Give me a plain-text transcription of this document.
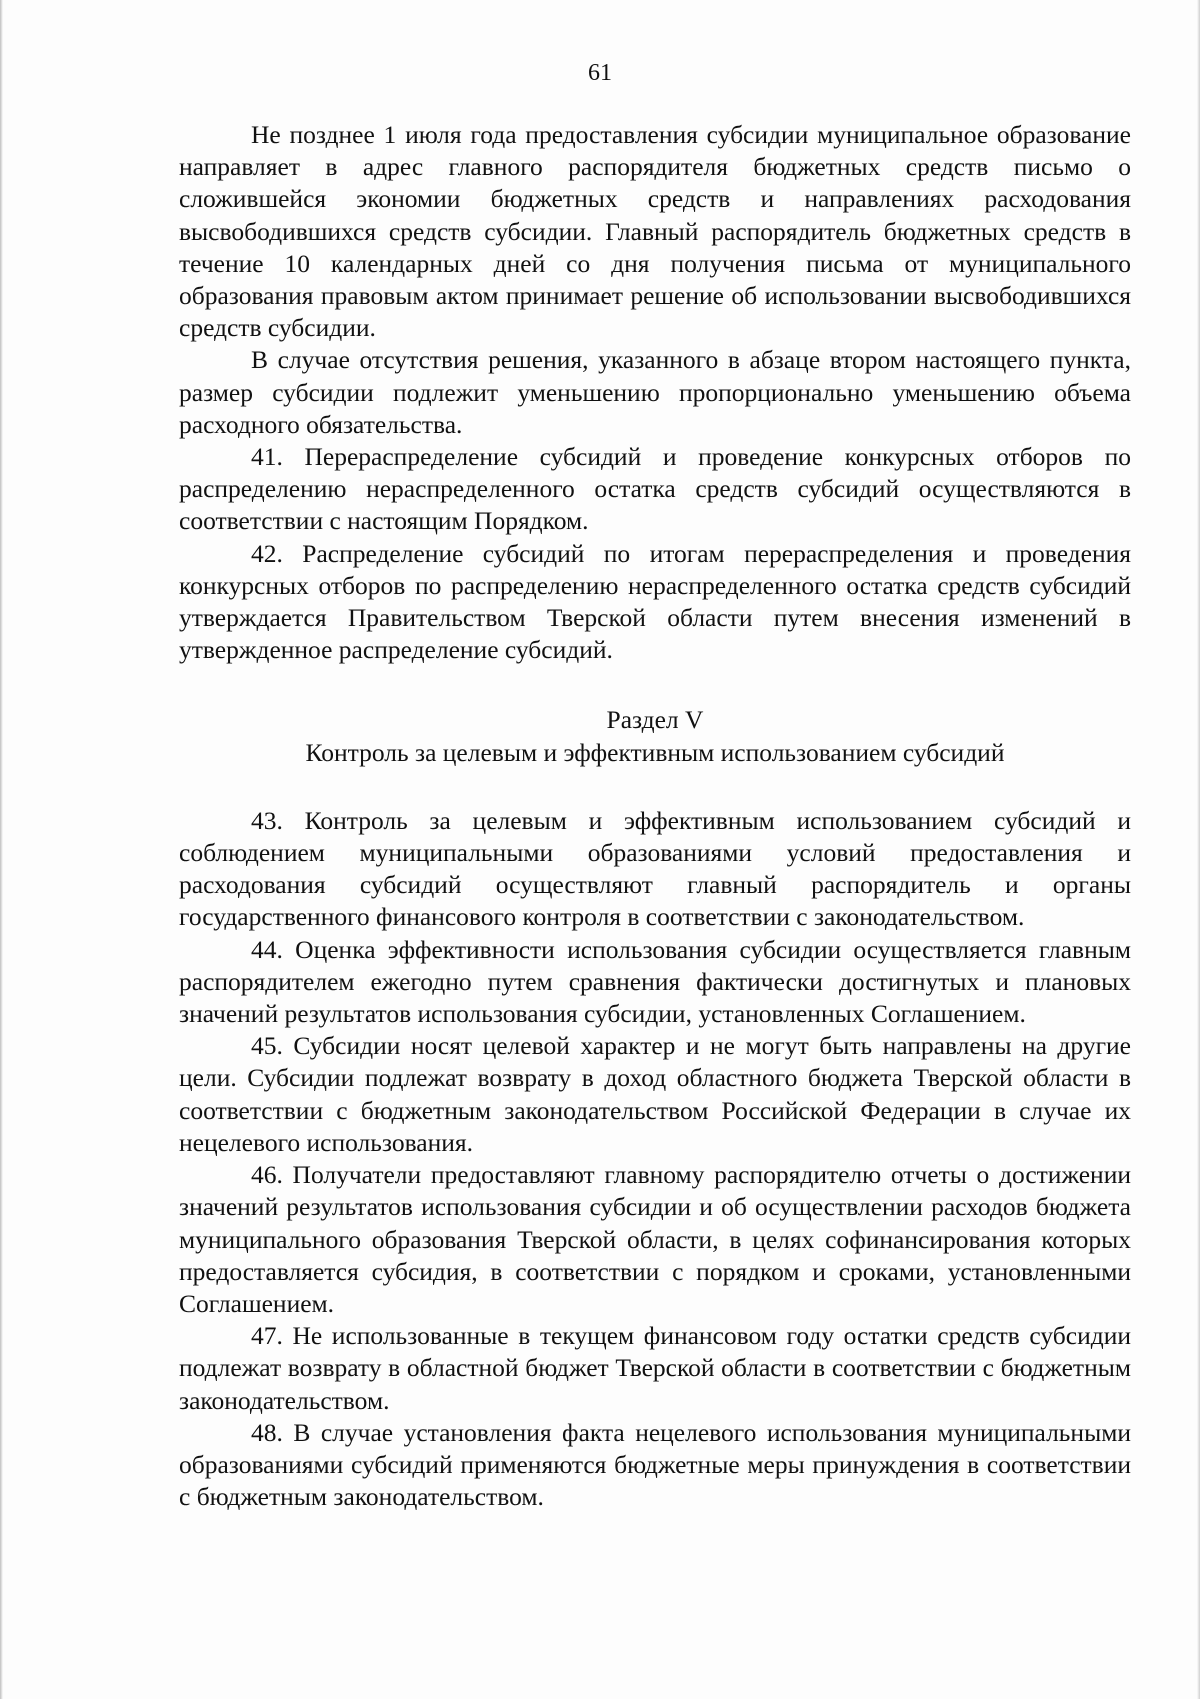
61

Не позднее 1 июля года предоставления субсидии муниципальное образование направляет в адрес главного распорядителя бюджетных средств письмо о сложившейся экономии бюджетных средств и направлениях расходования высвободившихся средств субсидии. Главный распорядитель бюджетных средств в течение 10 календарных дней со дня получения письма от муниципального образования правовым актом принимает решение об использовании высвободившихся средств субсидии.

В случае отсутствия решения, указанного в абзаце втором настоящего пункта, размер субсидии подлежит уменьшению пропорционально уменьшению объема расходного обязательства.

41. Перераспределение субсидий и проведение конкурсных отборов по распределению нераспределенного остатка средств субсидий осуществляются в соответствии с настоящим Порядком.

42. Распределение субсидий по итогам перераспределения и проведения конкурсных отборов по распределению нераспределенного остатка средств субсидий утверждается Правительством Тверской области путем внесения изменений в утвержденное распределение субсидий.

Раздел V
Контроль за целевым и эффективным использованием субсидий

43. Контроль за целевым и эффективным использованием субсидий и соблюдением муниципальными образованиями условий предоставления и расходования субсидий осуществляют главный распорядитель и органы государственного финансового контроля в соответствии с законодательством.

44. Оценка эффективности использования субсидии осуществляется главным распорядителем ежегодно путем сравнения фактически достигнутых и плановых значений результатов использования субсидии, установленных Соглашением.

45. Субсидии носят целевой характер и не могут быть направлены на другие цели. Субсидии подлежат возврату в доход областного бюджета Тверской области в соответствии с бюджетным законодательством Российской Федерации в случае их нецелевого использования.

46. Получатели предоставляют главному распорядителю отчеты о достижении значений результатов использования субсидии и об осуществлении расходов бюджета муниципального образования Тверской области, в целях софинансирования которых предоставляется субсидия, в соответствии с порядком и сроками, установленными Соглашением.

47. Не использованные в текущем финансовом году остатки средств субсидии подлежат возврату в областной бюджет Тверской области в соответствии с бюджетным законодательством.

48. В случае установления факта нецелевого использования муниципальными образованиями субсидий применяются бюджетные меры принуждения в соответствии с бюджетным законодательством.
